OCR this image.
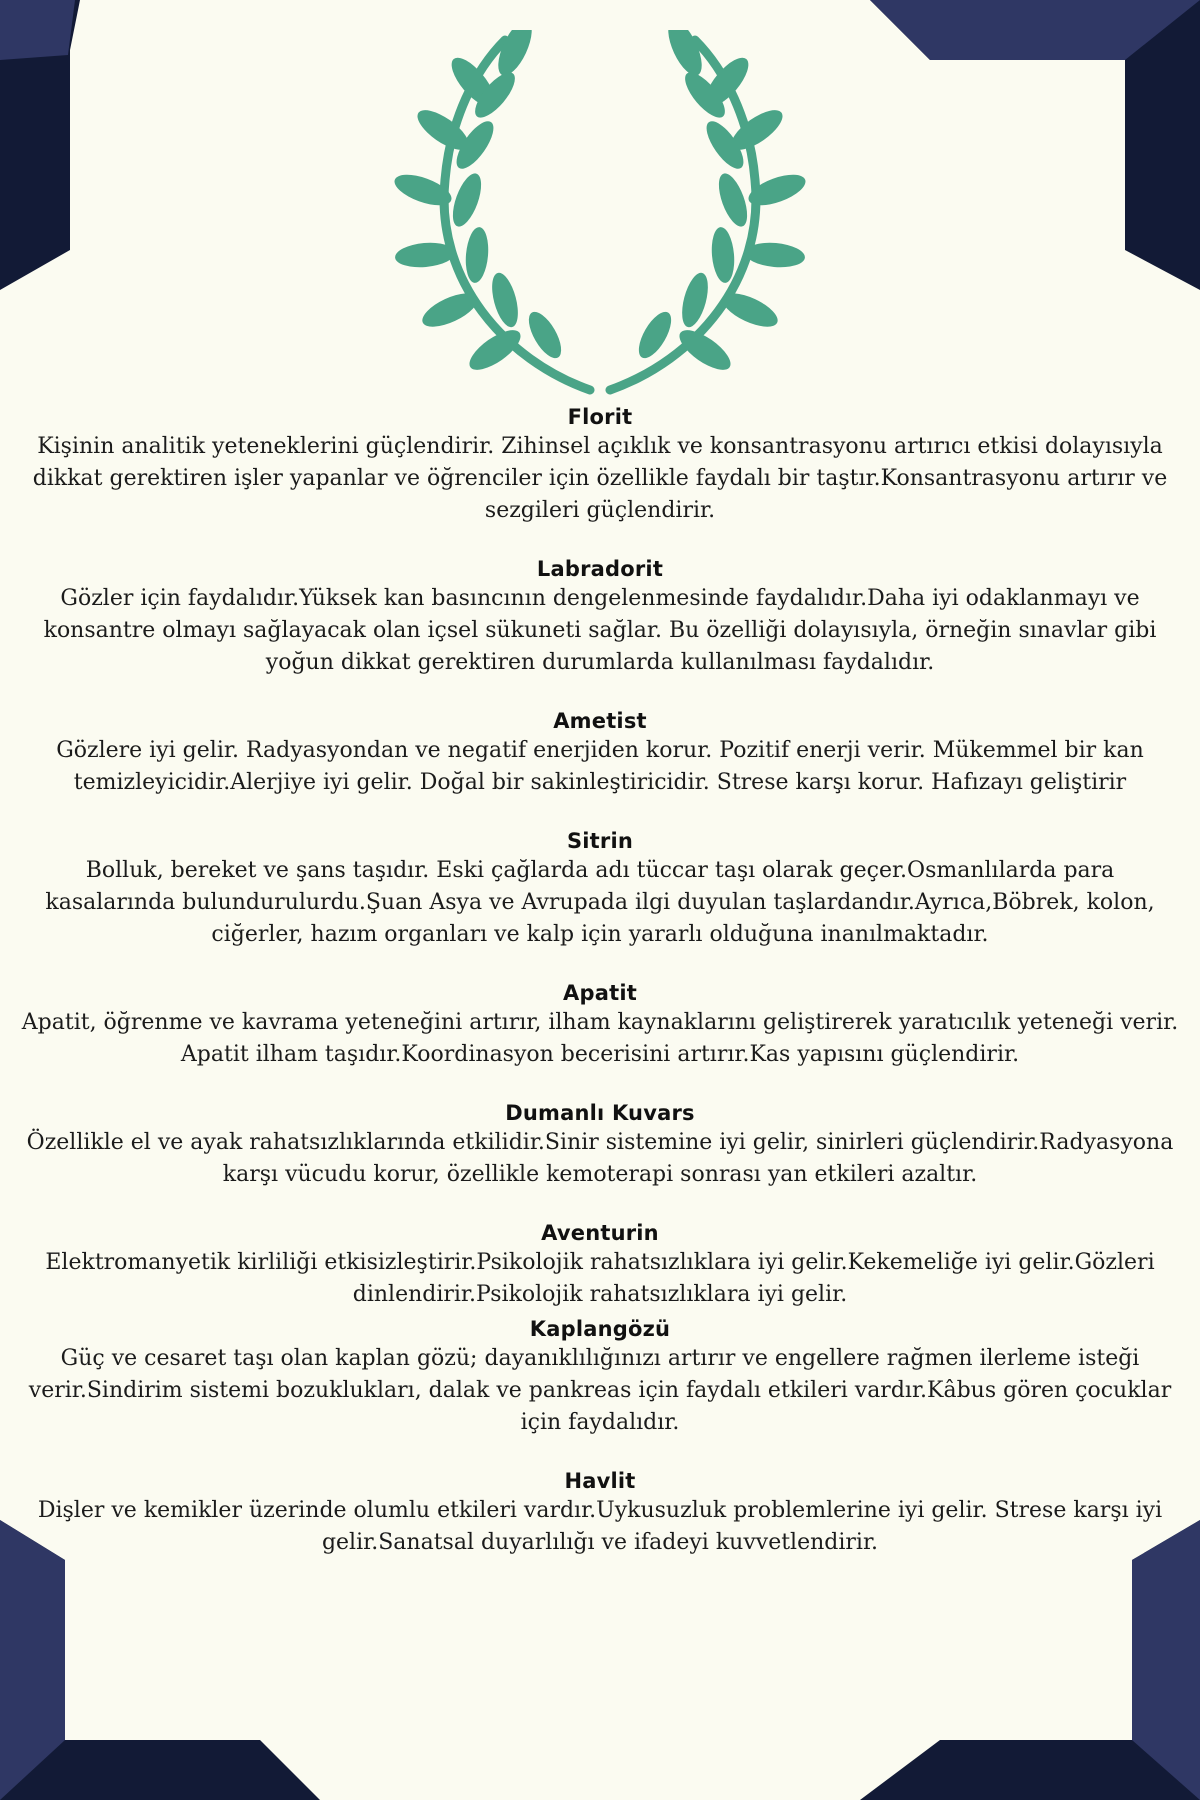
Florit

Kişinin analitik yeteneklerini güçlendirir. Zihinsel açıklık ve konsantrasyonu artırıcı etkisi dolayısıyla dikkat gerektiren işler yapanlar ve öğrenciler için özellikle faydalı bir taştır.Konsantrasyonu artırır ve sezgileri güçlendirir.

Labradorit

Gözler için faydalıdır.Yüksek kan basıncının dengelenmesinde faydalıdır.Daha iyi odaklanmayı ve konsantre olmayı sağlayacak olan içsel sükuneti sağlar. Bu özelliği dolayısıyla, örneğin sınavlar gibi yoğun dikkat gerektiren durumlarda kullanılması faydalıdır.

Ametist

Gözlere iyi gelir. Radyasyondan ve negatif enerjiden korur. Pozitif enerji verir. Mükemmel bir kan temizleyicidir.Alerjiye iyi gelir. Doğal bir sakinleştiricidir. Strese karşı korur. Hafızayı geliştirir

Sitrin

Bolluk, bereket ve şans taşıdır. Eski çağlarda adı tüccar taşı olarak geçer.Osmanlılarda para kasalarında bulundurulurdu.Şuan Asya ve Avrupada ilgi duyulan taşlardandır.Ayrıca,Böbrek, kolon, ciğerler, hazım organları ve kalp için yararlı olduğuna inanılmaktadır.

Apatit

Apatit, öğrenme ve kavrama yeteneğini artırır, ilham kaynaklarını geliştirerek yaratıcılık yeteneği verir. Apatit ilham taşıdır.Koordinasyon becerisini artırır.Kas yapısını güçlendirir.

Dumanlı Kuvars

Özellikle el ve ayak rahatsızlıklarında etkilidir.Sinir sistemine iyi gelir, sinirleri güçlendirir.Radyasyona karşı vücudu korur, özellikle kemoterapi sonrası yan etkileri azaltır.

Aventurin

Elektromanyetik kirliliği etkisizleştirir.Psikolojik rahatsızlıklara iyi gelir.Kekemeliğe iyi gelir.Gözleri dinlendirir.Psikolojik rahatsızlıklara iyi gelir.

Kaplangözü

Güç ve cesaret taşı olan kaplan gözü; dayanıklılığınızı artırır ve engellere rağmen ilerleme isteği verir.Sindirim sistemi bozuklukları, dalak ve pankreas için faydalı etkileri vardır.Kâbus gören çocuklar için faydalıdır.

Havlit

Dişler ve kemikler üzerinde olumlu etkileri vardır.Uykusuzluk problemlerine iyi gelir. Strese karşı iyi gelir.Sanatsal duyarlılığı ve ifadeyi kuvvetlendirir.
